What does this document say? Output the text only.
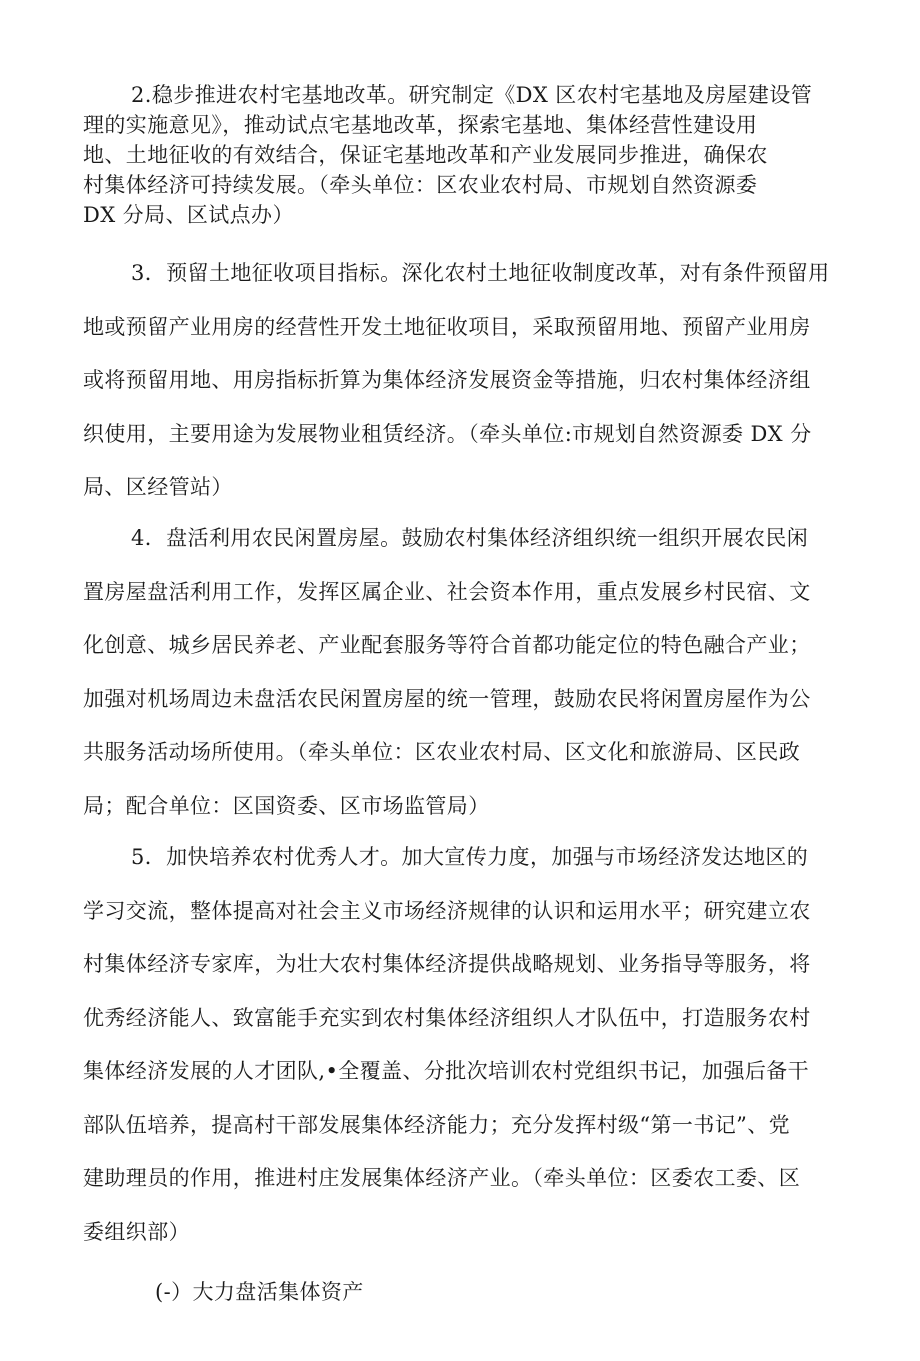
2.稳步推进农村宅基地改革。研究制定《DX 区农村宅基地及房屋建设管
理的实施意见》，推动试点宅基地改革，探索宅基地、集体经营性建设用
地、土地征收的有效结合，保证宅基地改革和产业发展同步推进，确保农
村集体经济可持续发展。（牵头单位：区农业农村局、市规划自然资源委
DX 分局、区试点办）
3．预留土地征收项目指标。深化农村土地征收制度改革，对有条件预留用
地或预留产业用房的经营性开发土地征收项目，采取预留用地、预留产业用房
或将预留用地、用房指标折算为集体经济发展资金等措施，归农村集体经济组
织使用，主要用途为发展物业租赁经济。（牵头单位:市规划自然资源委 DX 分
局、区经管站）
4．盘活利用农民闲置房屋。鼓励农村集体经济组织统一组织开展农民闲
置房屋盘活利用工作，发挥区属企业、社会资本作用，重点发展乡村民宿、文
化创意、城乡居民养老、产业配套服务等符合首都功能定位的特色融合产业；
加强对机场周边未盘活农民闲置房屋的统一管理，鼓励农民将闲置房屋作为公
共服务活动场所使用。（牵头单位：区农业农村局、区文化和旅游局、区民政
局；配合单位：区国资委、区市场监管局）
5．加快培养农村优秀人才。加大宣传力度，加强与市场经济发达地区的
学习交流，整体提高对社会主义市场经济规律的认识和运用水平；研究建立农
村集体经济专家库，为壮大农村集体经济提供战略规划、业务指导等服务，将
优秀经济能人、致富能手充实到农村集体经济组织人才队伍中，打造服务农村
集体经济发展的人才团队,•全覆盖、分批次培训农村党组织书记，加强后备干
部队伍培养，提高村干部发展集体经济能力；充分发挥村级“第一书记”、党
建助理员的作用，推进村庄发展集体经济产业。（牵头单位：区委农工委、区
委组织部）

(-）大力盘活集体资产
